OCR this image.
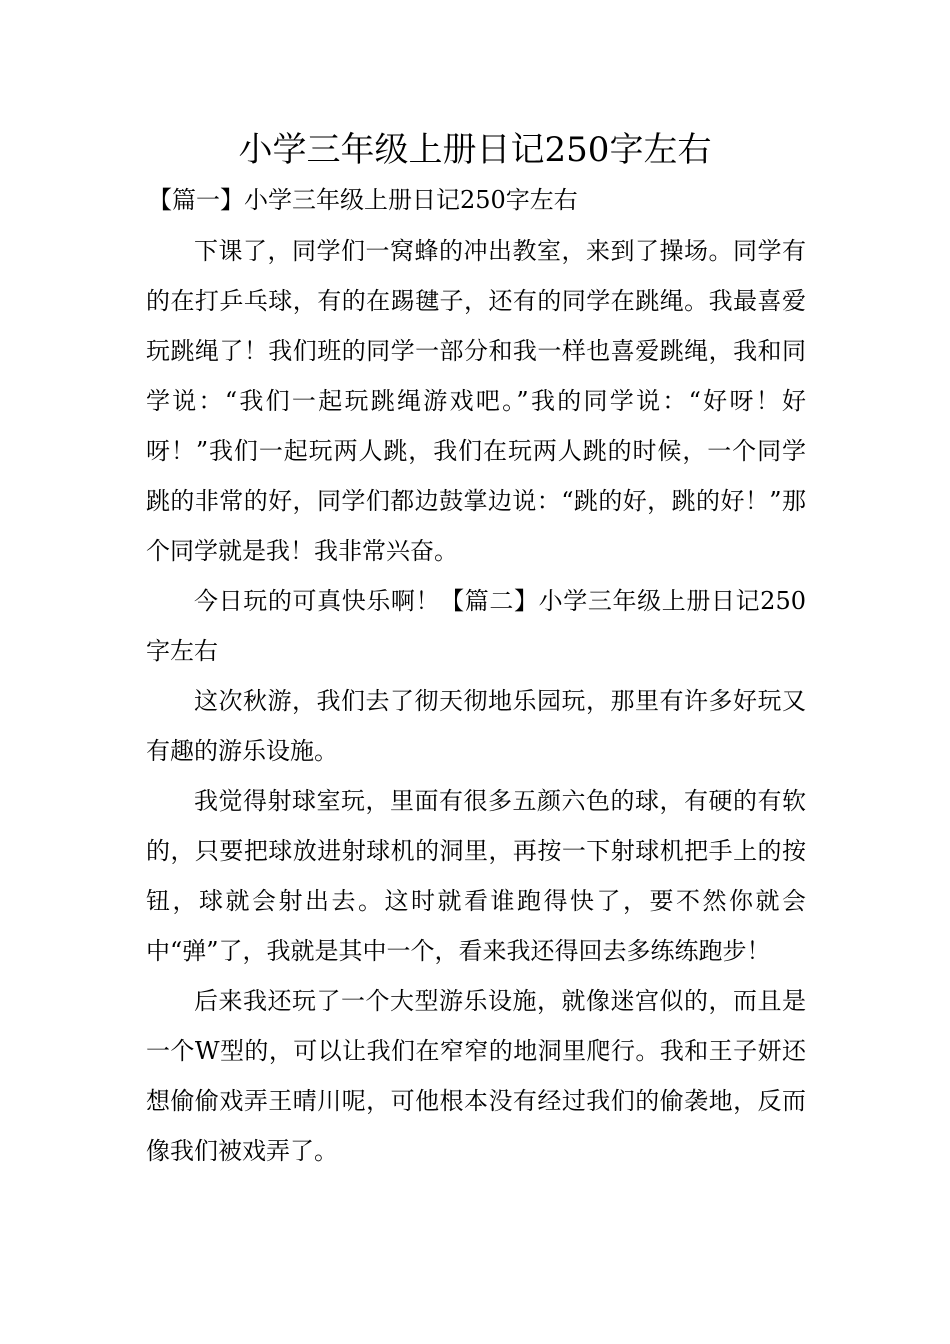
小学三年级上册日记250字左右

【篇一】小学三年级上册日记250字左右

下课了，同学们一窝蜂的冲出教室，来到了操场。同学有的在打乒乓球，有的在踢毽子，还有的同学在跳绳。我最喜爱玩跳绳了！我们班的同学一部分和我一样也喜爱跳绳，我和同学说：“我们一起玩跳绳游戏吧。”我的同学说：“好呀！好呀！”我们一起玩两人跳，我们在玩两人跳的时候，一个同学跳的非常的好，同学们都边鼓掌边说：“跳的好，跳的好！”那个同学就是我！我非常兴奋。

今日玩的可真快乐啊！【篇二】小学三年级上册日记250字左右

这次秋游，我们去了彻天彻地乐园玩，那里有许多好玩又有趣的游乐设施。

我觉得射球室玩，里面有很多五颜六色的球，有硬的有软的，只要把球放进射球机的洞里，再按一下射球机把手上的按钮，球就会射出去。这时就看谁跑得快了，要不然你就会中“弹”了，我就是其中一个，看来我还得回去多练练跑步！

后来我还玩了一个大型游乐设施，就像迷宫似的，而且是一个W型的，可以让我们在窄窄的地洞里爬行。我和王子妍还想偷偷戏弄王晴川呢，可他根本没有经过我们的偷袭地，反而像我们被戏弄了。
